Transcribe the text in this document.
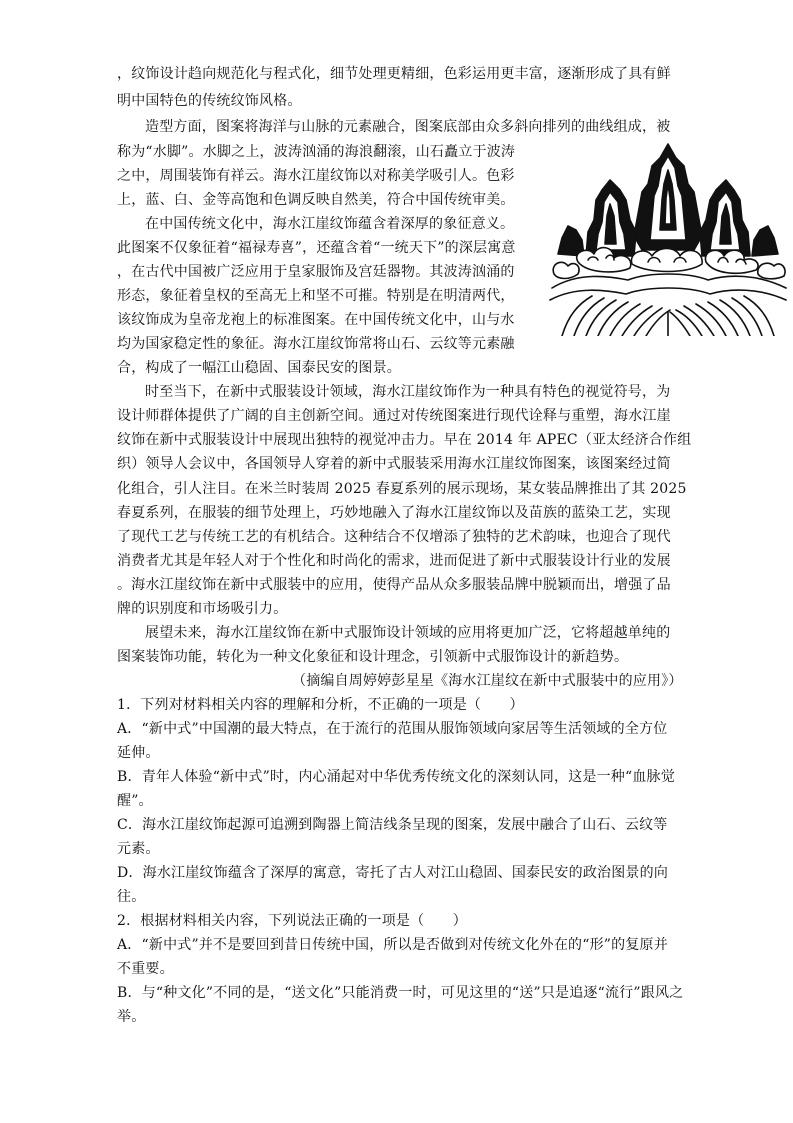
，纹饰设计趋向规范化与程式化，细节处理更精细，色彩运用更丰富，逐渐形成了具有鲜
明中国特色的传统纹饰风格。
造型方面，图案将海洋与山脉的元素融合，图案底部由众多斜向排列的曲线组成，被
称为“水脚”。水脚之上，波涛汹涌的海浪翻滚，山石矗立于波涛
之中，周围装饰有祥云。海水江崖纹饰以对称美学吸引人。色彩
上，蓝、白、金等高饱和色调反映自然美，符合中国传统审美。
在中国传统文化中，海水江崖纹饰蕴含着深厚的象征意义。
此图案不仅象征着“福禄寿喜”，还蕴含着“一统天下”的深层寓意
，在古代中国被广泛应用于皇家服饰及宫廷器物。其波涛汹涌的
形态，象征着皇权的至高无上和坚不可摧。特别是在明清两代，
该纹饰成为皇帝龙袍上的标准图案。在中国传统文化中，山与水
均为国家稳定性的象征。海水江崖纹饰常将山石、云纹等元素融
合，构成了一幅江山稳固、国泰民安的图景。
时至当下，在新中式服装设计领域，海水江崖纹饰作为一种具有特色的视觉符号，为
设计师群体提供了广阔的自主创新空间。通过对传统图案进行现代诠释与重塑，海水江崖
纹饰在新中式服装设计中展现出独特的视觉冲击力。早在 2014 年 APEC（亚太经济合作组
织）领导人会议中，各国领导人穿着的新中式服装采用海水江崖纹饰图案，该图案经过简
化组合，引人注目。在米兰时装周 2025 春夏系列的展示现场，某女装品牌推出了其 2025
春夏系列，在服装的细节处理上，巧妙地融入了海水江崖纹饰以及苗族的蓝染工艺，实现
了现代工艺与传统工艺的有机结合。这种结合不仅增添了独特的艺术韵味，也迎合了现代
消费者尤其是年轻人对于个性化和时尚化的需求，进而促进了新中式服装设计行业的发展
。海水江崖纹饰在新中式服装中的应用，使得产品从众多服装品牌中脱颖而出，增强了品
牌的识别度和市场吸引力。
展望未来，海水江崖纹饰在新中式服饰设计领域的应用将更加广泛，它将超越单纯的
图案装饰功能，转化为一种文化象征和设计理念，引领新中式服饰设计的新趋势。
（摘编自周婷婷彭星星《海水江崖纹在新中式服装中的应用》）
1．下列对材料相关内容的理解和分析，不正确的一项是（　　）
A．“新中式”中国潮的最大特点，在于流行的范围从服饰领域向家居等生活领域的全方位
延伸。
B．青年人体验“新中式”时，内心涌起对中华优秀传统文化的深刻认同，这是一种“血脉觉
醒”。
C．海水江崖纹饰起源可追溯到陶器上简洁线条呈现的图案，发展中融合了山石、云纹等
元素。
D．海水江崖纹饰蕴含了深厚的寓意，寄托了古人对江山稳固、国泰民安的政治图景的向
往。
2．根据材料相关内容，下列说法正确的一项是（　　）
A．“新中式”并不是要回到昔日传统中国，所以是否做到对传统文化外在的“形”的复原并
不重要。
B．与“种文化”不同的是，“送文化”只能消费一时，可见这里的“送”只是追逐“流行”跟风之
举。
